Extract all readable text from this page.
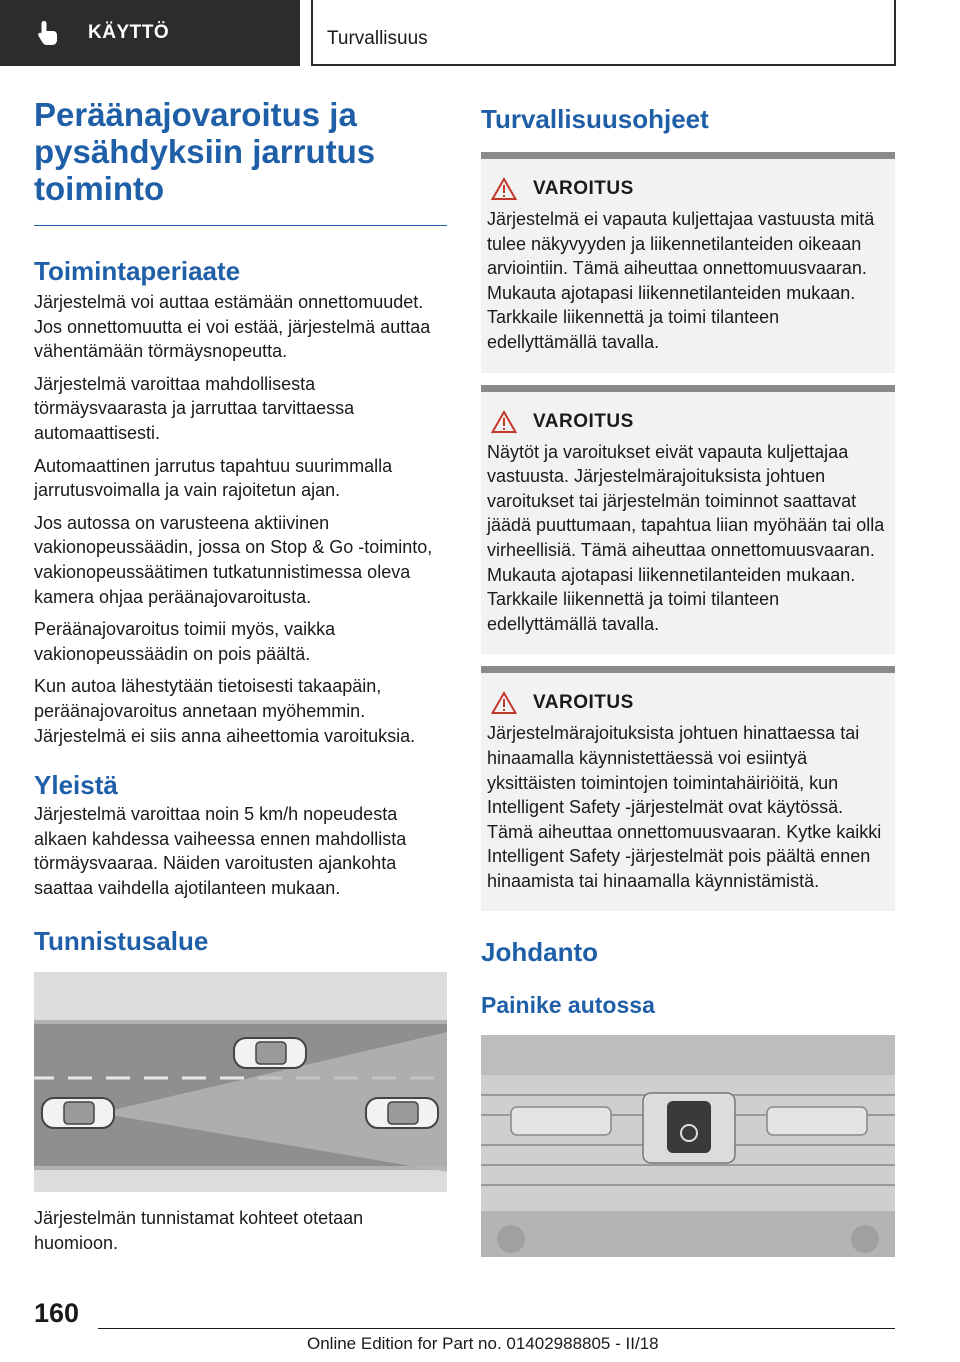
KÄYTTÖ	Turvallisuus
Peräänajovaroitus ja pysähdyksiin jarrutus toiminto
Toimintaperiaate

Järjestelmä voi auttaa estämään onnettomuudet. Jos onnettomuutta ei voi estää, järjestelmä auttaa vähentämään törmäysnopeutta.

Järjestelmä varoittaa mahdollisesta törmäysvaarasta ja jarruttaa tarvittaessa automaattisesti.

Automaattinen jarrutus tapahtuu suurimmalla jarrutusvoimalla ja vain rajoitetun ajan.

Jos autossa on varusteena aktiivinen vakionopeussäädin, jossa on Stop & Go -toiminto, vakionopeussäätimen tutkatunnistimessa oleva kamera ohjaa peräänajovaroitusta.

Peräänajovaroitus toimii myös, vaikka vakionopeussäädin on pois päältä.

Kun autoa lähestytään tietoisesti takaapäin, peräänajovaroitus annetaan myöhemmin. Järjestelmä ei siis anna aiheettomia varoituksia.

Yleistä

Järjestelmä varoittaa noin 5 km/h nopeudesta alkaen kahdessa vaiheessa ennen mahdollista törmäysvaaraa. Näiden varoitusten ajankohta saattaa vaihdella ajotilanteen mukaan.

Tunnistusalue

Järjestelmän tunnistamat kohteet otetaan huomioon.

Turvallisuusohjeet
VAROITUS

Järjestelmä ei vapauta kuljettajaa vastuusta mitä tulee näkyvyyden ja liikennetilanteiden oikeaan arviointiin. Tämä aiheuttaa onnettomuusvaaran. Mukauta ajotapasi liikennetilanteiden mukaan. Tarkkaile liikennettä ja toimi tilanteen edellyttämällä tavalla.

VAROITUS

Näytöt ja varoitukset eivät vapauta kuljettajaa vastuusta. Järjestelmärajoituksista johtuen varoitukset tai järjestelmän toiminnot saattavat jäädä puuttumaan, tapahtua liian myöhään tai olla virheellisiä. Tämä aiheuttaa onnettomuusvaaran. Mukauta ajotapasi liikennetilanteiden mukaan. Tarkkaile liikennettä ja toimi tilanteen edellyttämällä tavalla.

VAROITUS

Järjestelmärajoituksista johtuen hinattaessa tai hinaamalla käynnistettäessä voi esiintyä yksittäisten toimintojen toimintahäiriöitä, kun Intelligent Safety -järjestelmät ovat käytössä. Tämä aiheuttaa onnettomuusvaaran. Kytke kaikki Intelligent Safety -järjestelmät pois päältä ennen hinaamista tai hinaamalla käynnistämistä.

Johdanto
Painike autossa
160
Online Edition for Part no. 01402988805 - II/18
